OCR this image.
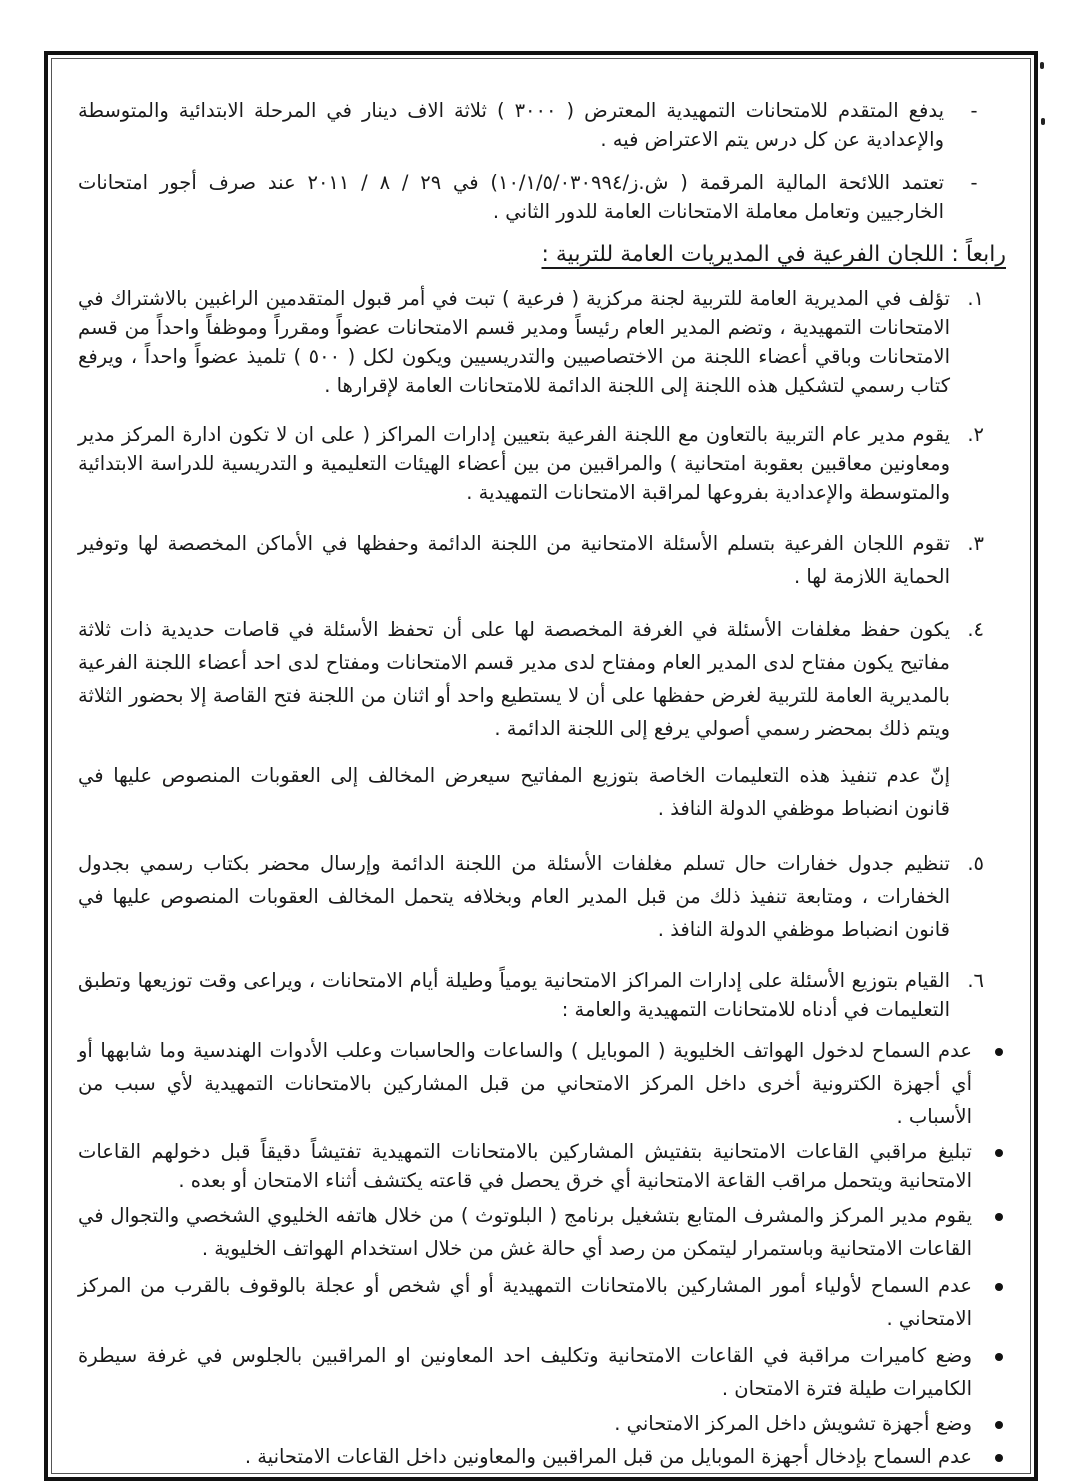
-
يدفع المتقدم للامتحانات التمهيدية المعترض ( ٣٠٠٠ ) ثلاثة الاف دينار في المرحلة الابتدائية والمتوسطة والإعدادية عن كل درس يتم الاعتراض فيه .
-
تعتمد اللائحة المالية المرقمة ( ش.ز/١٠/١/٥/٠٣٠٩٩٤) في ٢٩ / ٨ / ٢٠١١ عند صرف أجور امتحانات الخارجيين وتعامل معاملة الامتحانات العامة للدور الثاني .
رابعاً : اللجان الفرعية في المديريات العامة للتربية :
١.
تؤلف في المديرية العامة للتربية لجنة مركزية ( فرعية ) تبت في أمر قبول المتقدمين الراغبين بالاشتراك في الامتحانات التمهيدية ، وتضم المدير العام رئيساً ومدير قسم الامتحانات عضواً ومقرراً وموظفاً واحداً من قسم الامتحانات وباقي أعضاء اللجنة من الاختصاصيين والتدريسيين ويكون لكل ( ٥٠٠ ) تلميذ عضواً واحداً ، ويرفع كتاب رسمي لتشكيل هذه اللجنة إلى اللجنة الدائمة للامتحانات العامة لإقرارها .
٢.
يقوم مدير عام التربية بالتعاون مع اللجنة الفرعية بتعيين إدارات المراكز ( على ان لا تكون ادارة المركز مدير ومعاونين معاقبين بعقوبة امتحانية ) والمراقبين من بين أعضاء الهيئات التعليمية و التدريسية للدراسة الابتدائية والمتوسطة والإعدادية بفروعها لمراقبة الامتحانات التمهيدية .
٣.
تقوم اللجان الفرعية بتسلم الأسئلة الامتحانية من اللجنة الدائمة وحفظها في الأماكن المخصصة لها وتوفير الحماية اللازمة لها .
٤.
يكون حفظ مغلفات الأسئلة في الغرفة المخصصة لها على أن تحفظ الأسئلة في قاصات حديدية ذات ثلاثة مفاتيح يكون مفتاح لدى المدير العام ومفتاح لدى مدير قسم الامتحانات ومفتاح لدى احد أعضاء اللجنة الفرعية بالمديرية العامة للتربية لغرض حفظها على أن لا يستطيع واحد أو اثنان من اللجنة فتح القاصة إلا بحضور الثلاثة ويتم ذلك بمحضر رسمي أصولي يرفع إلى اللجنة الدائمة .
إنّ عدم تنفيذ هذه التعليمات الخاصة بتوزيع المفاتيح سيعرض المخالف إلى العقوبات المنصوص عليها في قانون انضباط موظفي الدولة النافذ .
٥.
تنظيم جدول خفارات حال تسلم مغلفات الأسئلة من اللجنة الدائمة وإرسال محضر بكتاب رسمي بجدول الخفارات ، ومتابعة تنفيذ ذلك من قبل المدير العام وبخلافه يتحمل المخالف العقوبات المنصوص عليها في قانون انضباط موظفي الدولة النافذ .
٦.
القيام بتوزيع الأسئلة على إدارات المراكز الامتحانية يومياً وطيلة أيام الامتحانات ، ويراعى وقت توزيعها وتطبق التعليمات في أدناه للامتحانات التمهيدية والعامة :
عدم السماح لدخول الهواتف الخليوية ( الموبايل ) والساعات والحاسبات وعلب الأدوات الهندسية وما شابهها أو أي أجهزة الكترونية أخرى داخل المركز الامتحاني من قبل المشاركين بالامتحانات التمهيدية لأي سبب من الأسباب .
تبليغ مراقبي القاعات الامتحانية بتفتيش المشاركين بالامتحانات التمهيدية تفتيشاً دقيقاً قبل دخولهم القاعات الامتحانية ويتحمل مراقب القاعة الامتحانية أي خرق يحصل في قاعته يكتشف أثناء الامتحان أو بعده .
يقوم مدير المركز والمشرف المتابع بتشغيل برنامج ( البلوتوث ) من خلال هاتفه الخليوي الشخصي والتجوال في القاعات الامتحانية وباستمرار ليتمكن من رصد أي حالة غش من خلال استخدام الهواتف الخليوية .
عدم السماح لأولياء أمور المشاركين بالامتحانات التمهيدية أو أي شخص أو عجلة بالوقوف بالقرب من المركز الامتحاني .
وضع كاميرات مراقبة في القاعات الامتحانية وتكليف احد المعاونين او المراقبين بالجلوس في غرفة سيطرة الكاميرات طيلة فترة الامتحان .
وضع أجهزة تشويش داخل المركز الامتحاني .
عدم السماح بإدخال أجهزة الموبايل من قبل المراقبين والمعاونين داخل القاعات الامتحانية .
